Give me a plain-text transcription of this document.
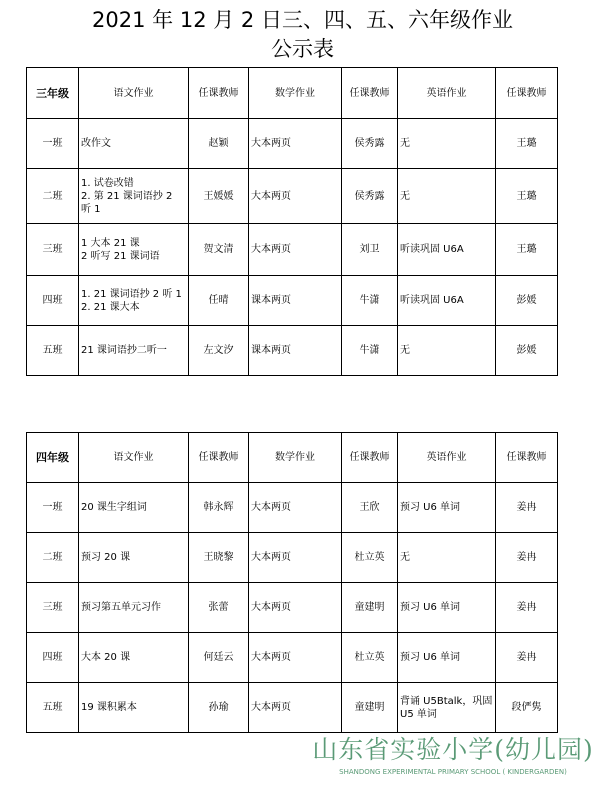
2021 年 12 月 2 日三、四、五、六年级作业
公示表
三年级	语文作业	任课教师	数学作业	任课教师	英语作业	任课教师
一班	改作文	赵颖	大本两页	侯秀露	无	王璐
二班	1. 试卷改错
2. 第 21 课词语抄 2
听 1	王媛媛	大本两页	侯秀露	无	王璐
三班	1 大本 21 课
2 听写 21 课词语	贺文清	大本两页	刘卫	听读巩固 U6A	王璐
四班	1. 21 课词语抄 2 听 1
2. 21 课大本	任晴	课本两页	牛潇	听读巩固 U6A	彭媛
五班	21 课词语抄二听一	左文汐	课本两页	牛潇	无	彭媛
四年级	语文作业	任课教师	数学作业	任课教师	英语作业	任课教师
一班	20 课生字组词	韩永辉	大本两页	王欣	预习 U6 单词	姜冉
二班	预习 20 课	王晓黎	大本两页	杜立英	无	姜冉
三班	预习第五单元习作	张蕾	大本两页	童建明	预习 U6 单词	姜冉
四班	大本 20 课	何廷云	大本两页	杜立英	预习 U6 单词	姜冉
五班	19 课积累本	孙瑜	大本两页	童建明	背诵 U5Btalk，巩固
U5 单词	段俨隽
山东省实验小学(幼儿园)
SHANDONG EXPERIMENTAL PRIMARY SCHOOL ( KINDERGARDEN)
